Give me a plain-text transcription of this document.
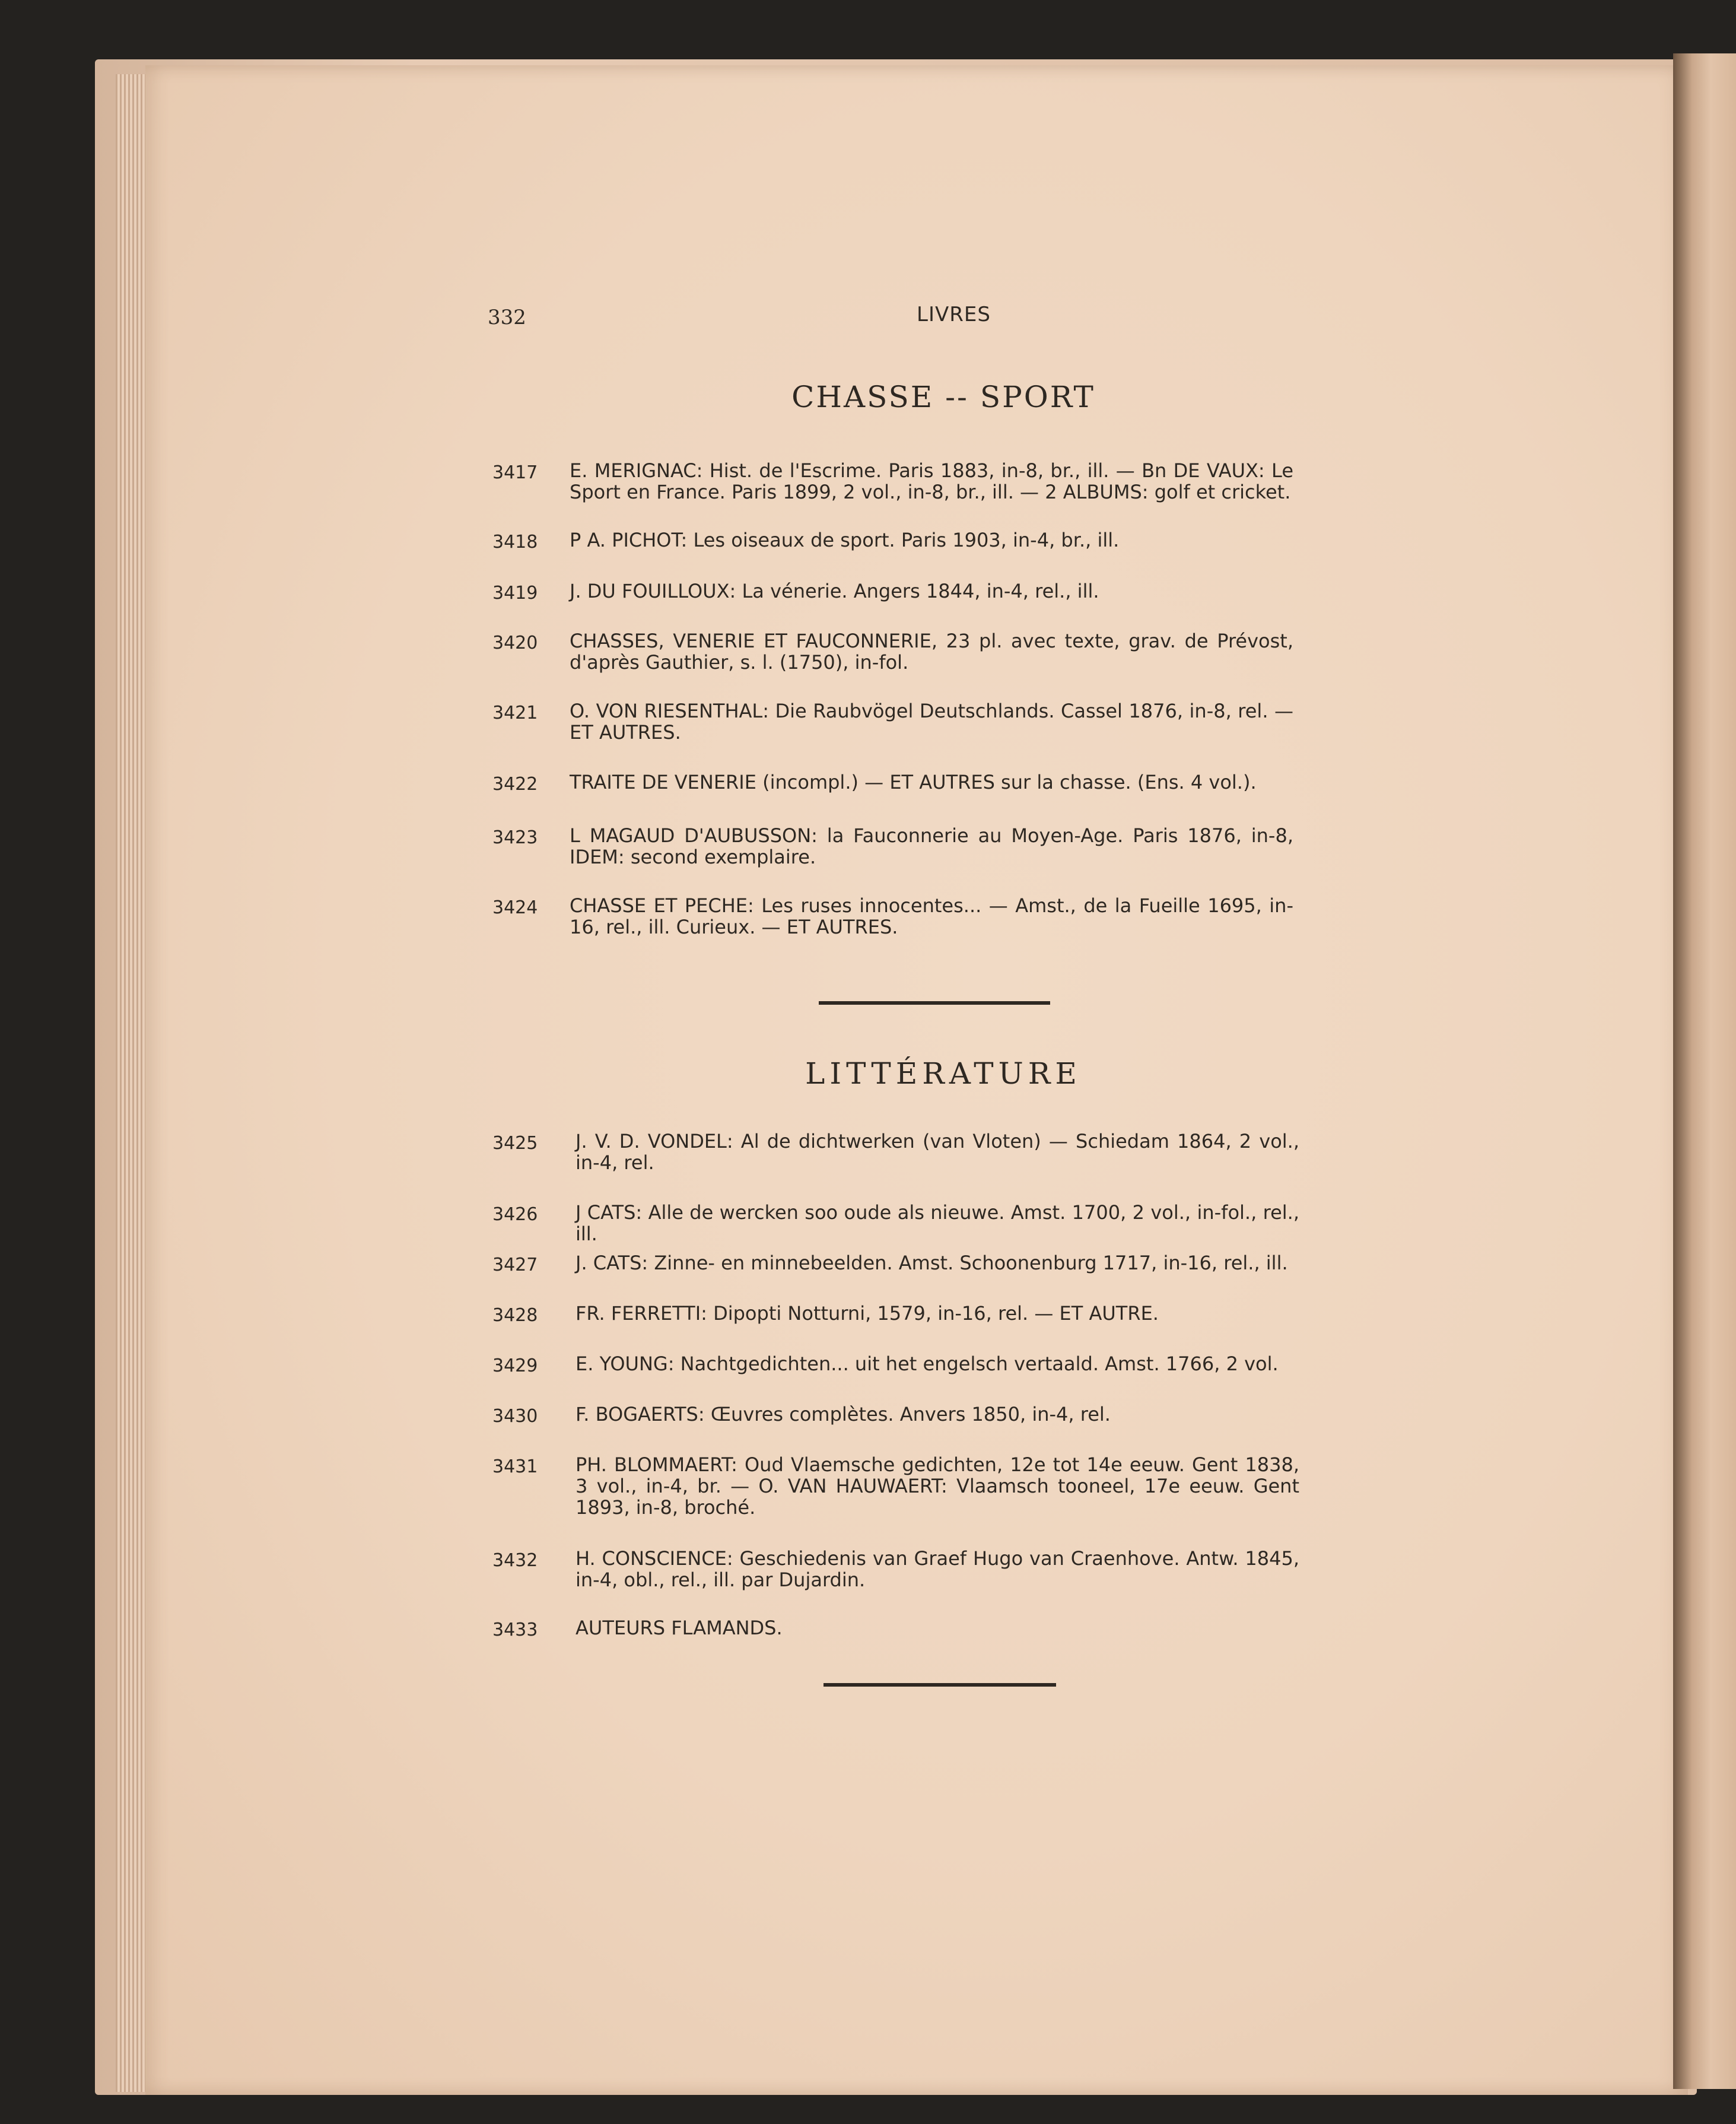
332	LIVRES
CHASSE -- SPORT
3417 E. MERIGNAC: Hist. de l'Escrime. Paris 1883, in-8, br., ill. — Bn DE VAUX: Le Sport en France. Paris 1899, 2 vol., in-8, br., ill. — 2 ALBUMS: golf et cricket.
3418 P A. PICHOT: Les oiseaux de sport. Paris 1903, in-4, br., ill.
3419 J. DU FOUILLOUX: La vénerie. Angers 1844, in-4, rel., ill.
3420 CHASSES, VENERIE ET FAUCONNERIE, 23 pl. avec texte, grav. de Prévost, d'après Gauthier, s. l. (1750), in-fol.
3421 O. VON RIESENTHAL: Die Raubvögel Deutschlands. Cassel 1876, in-8, rel. — ET AUTRES.
3422 TRAITE DE VENERIE (incompl.) — ET AUTRES sur la chasse. (Ens. 4 vol.).
3423 L MAGAUD D'AUBUSSON: la Fauconnerie au Moyen-Age. Paris 1876, in-8, IDEM: second exemplaire.
3424 CHASSE ET PECHE: Les ruses innocentes... — Amst., de la Fueille 1695, in-16, rel., ill. Curieux. — ET AUTRES.
LITTÉRATURE
3425 J. V. D. VONDEL: Al de dichtwerken (van Vloten) — Schiedam 1864, 2 vol., in-4, rel.
3426 J CATS: Alle de wercken soo oude als nieuwe. Amst. 1700, 2 vol., in-fol., rel., ill.
3427 J. CATS: Zinne- en minnebeelden. Amst. Schoonenburg 1717, in-16, rel., ill.
3428 FR. FERRETTI: Dipopti Notturni, 1579, in-16, rel. — ET AUTRE.
3429 E. YOUNG: Nachtgedichten... uit het engelsch vertaald. Amst. 1766, 2 vol.
3430 F. BOGAERTS: Œuvres complètes. Anvers 1850, in-4, rel.
3431 PH. BLOMMAERT: Oud Vlaemsche gedichten, 12e tot 14e eeuw. Gent 1838, 3 vol., in-4, br. — O. VAN HAUWAERT: Vlaamsch tooneel, 17e eeuw. Gent 1893, in-8, broché.
3432 H. CONSCIENCE: Geschiedenis van Graef Hugo van Craenhove. Antw. 1845, in-4, obl., rel., ill. par Dujardin.
3433 AUTEURS FLAMANDS.
